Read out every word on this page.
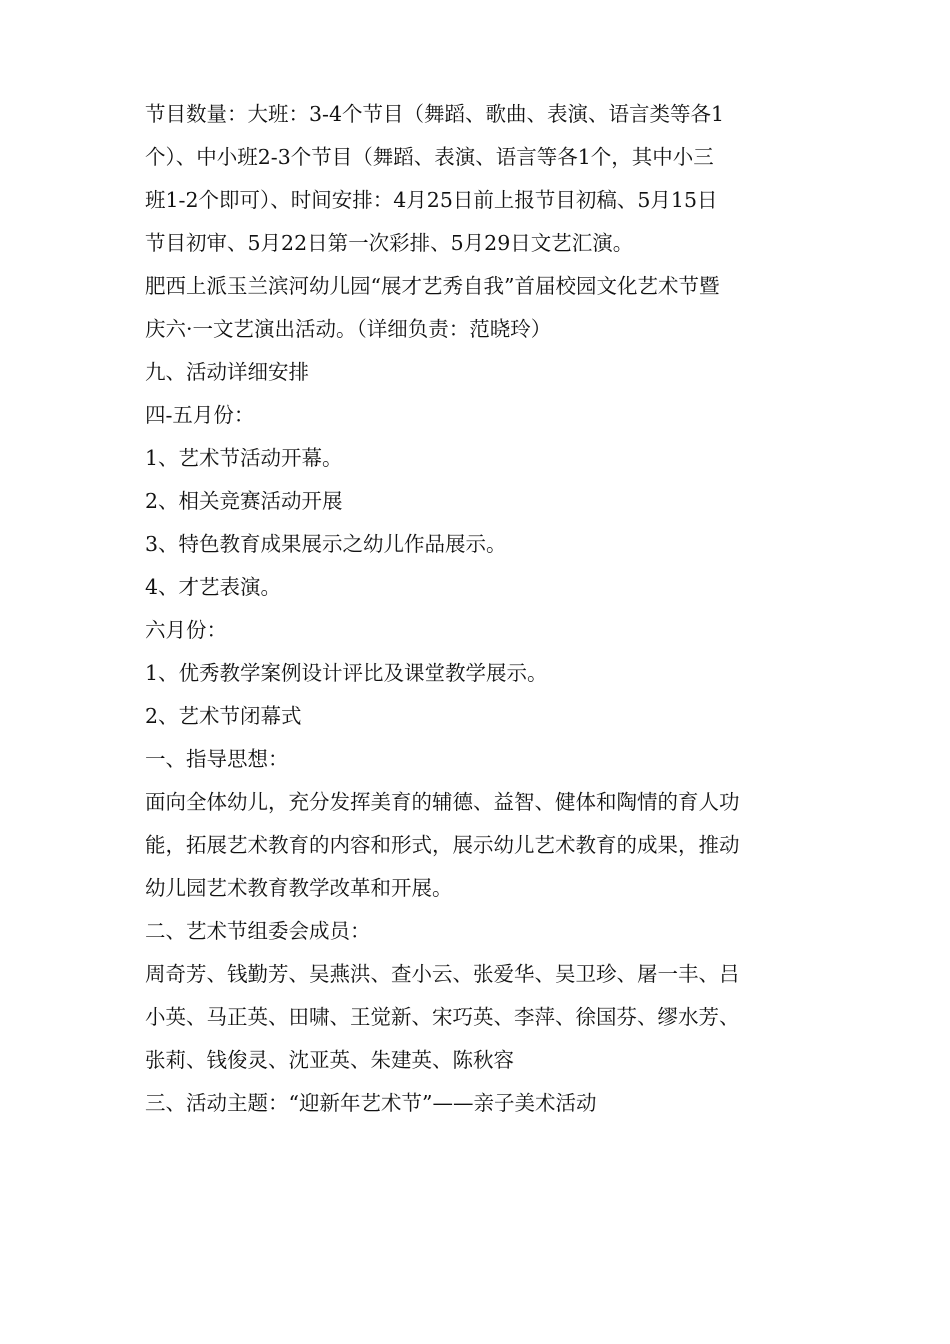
节目数量：大班：3-4个节目（舞蹈、歌曲、表演、语言类等各1
个）、中小班2-3个节目（舞蹈、表演、语言等各1个，其中小三
班1-2个即可）、时间安排：4月25日前上报节目初稿、5月15日
节目初审、5月22日第一次彩排、5月29日文艺汇演。

肥西上派玉兰滨河幼儿园“展才艺秀自我”首届校园文化艺术节暨
庆六·一文艺演出活动。（详细负责：范晓玲）

九、活动详细安排

四-五月份：

1、艺术节活动开幕。

2、相关竞赛活动开展

3、特色教育成果展示之幼儿作品展示。

4、才艺表演。

六月份：

1、优秀教学案例设计评比及课堂教学展示。

2、艺术节闭幕式

一、指导思想：

面向全体幼儿，充分发挥美育的辅德、益智、健体和陶情的育人功
能，拓展艺术教育的内容和形式，展示幼儿艺术教育的成果，推动
幼儿园艺术教育教学改革和开展。

二、艺术节组委会成员：

周奇芳、钱勤芳、吴燕洪、查小云、张爱华、吴卫珍、屠一丰、吕
小英、马正英、田啸、王觉新、宋巧英、李萍、徐国芬、缪水芳、
张莉、钱俊灵、沈亚英、朱建英、陈秋容

三、活动主题：“迎新年艺术节”——亲子美术活动
